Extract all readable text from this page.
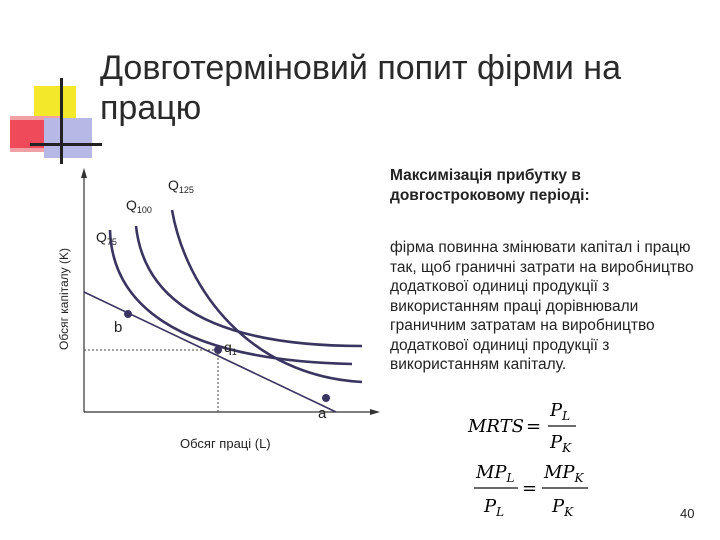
Довготерміновий попит фірми на працю
$Q_{125}$
$Q_{100}$
$Q_{75}$
b
$q_1$
a
Обсяг капіталу (K)
Обсяг праці (L)
MRTS =
$P_L$
$P_K$
$MP_L$
$P_L$
=
$MP_K$
$P_K$
Максимізація прибутку в довгостроковому періоді:
фірма повинна змінювати капітал і працю так, щоб граничні затрати на виробництво додаткової одиниці продукції з використанням праці дорівнювали граничним затратам на виробництво додаткової одиниці продукції з використанням капіталу.
40
